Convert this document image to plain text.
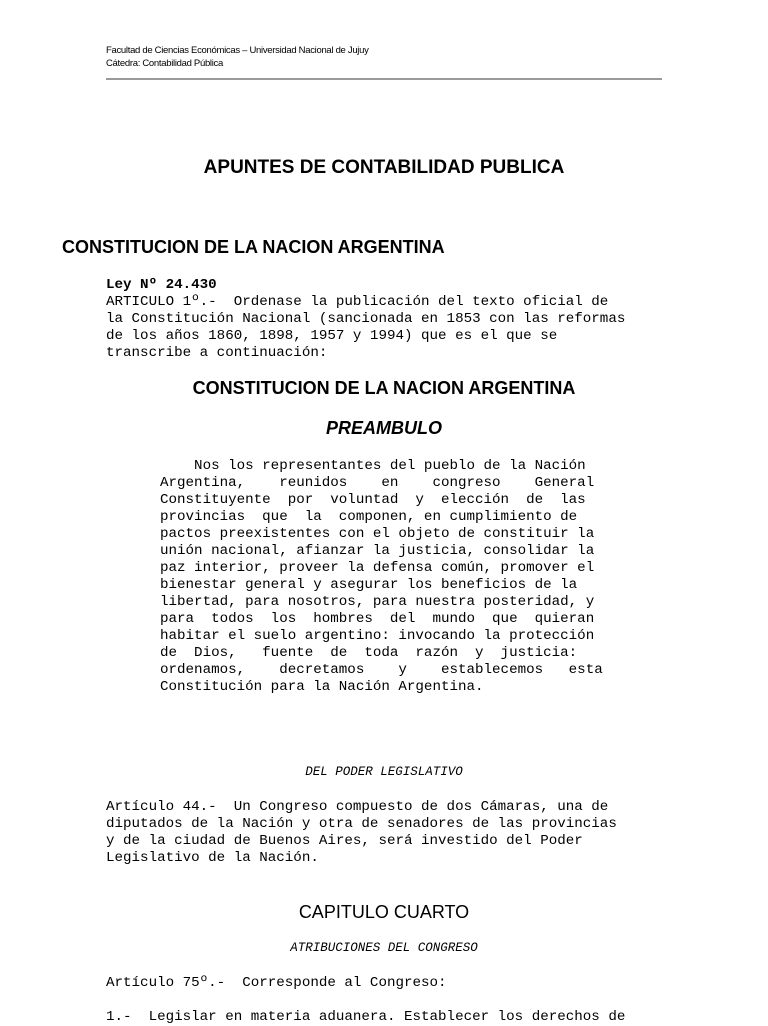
Facultad de Ciencias Económicas – Universidad Nacional de Jujuy
Cátedra: Contabilidad Pública
APUNTES DE CONTABILIDAD PUBLICA
CONSTITUCION DE LA NACION ARGENTINA
Ley Nº 24.430
ARTICULO 1º.-  Ordenase la publicación del texto oficial de
la Constitución Nacional (sancionada en 1853 con las reformas
de los años 1860, 1898, 1957 y 1994) que es el que se
transcribe a continuación:
CONSTITUCION DE LA NACION ARGENTINA
PREAMBULO
Nos los representantes del pueblo de la Nación
Argentina,    reunidos    en    congreso    General
Constituyente  por  voluntad  y  elección  de  las
provincias  que  la  componen, en cumplimiento de
pactos preexistentes con el objeto de constituir la
unión nacional, afianzar la justicia, consolidar la
paz interior, proveer la defensa común, promover el
bienestar general y asegurar los beneficios de la
libertad, para nosotros, para nuestra posteridad, y
para  todos  los  hombres  del  mundo  que  quieran
habitar el suelo argentino: invocando la protección
de  Dios,   fuente  de  toda  razón  y  justicia:
ordenamos,    decretamos    y    establecemos   esta
Constitución para la Nación Argentina.
DEL PODER LEGISLATIVO
Artículo 44.-  Un Congreso compuesto de dos Cámaras, una de
diputados de la Nación y otra de senadores de las provincias
y de la ciudad de Buenos Aires, será investido del Poder
Legislativo de la Nación.
CAPITULO CUARTO
ATRIBUCIONES DEL CONGRESO
Artículo 75º.-  Corresponde al Congreso:
1.-  Legislar en materia aduanera. Establecer los derechos de
